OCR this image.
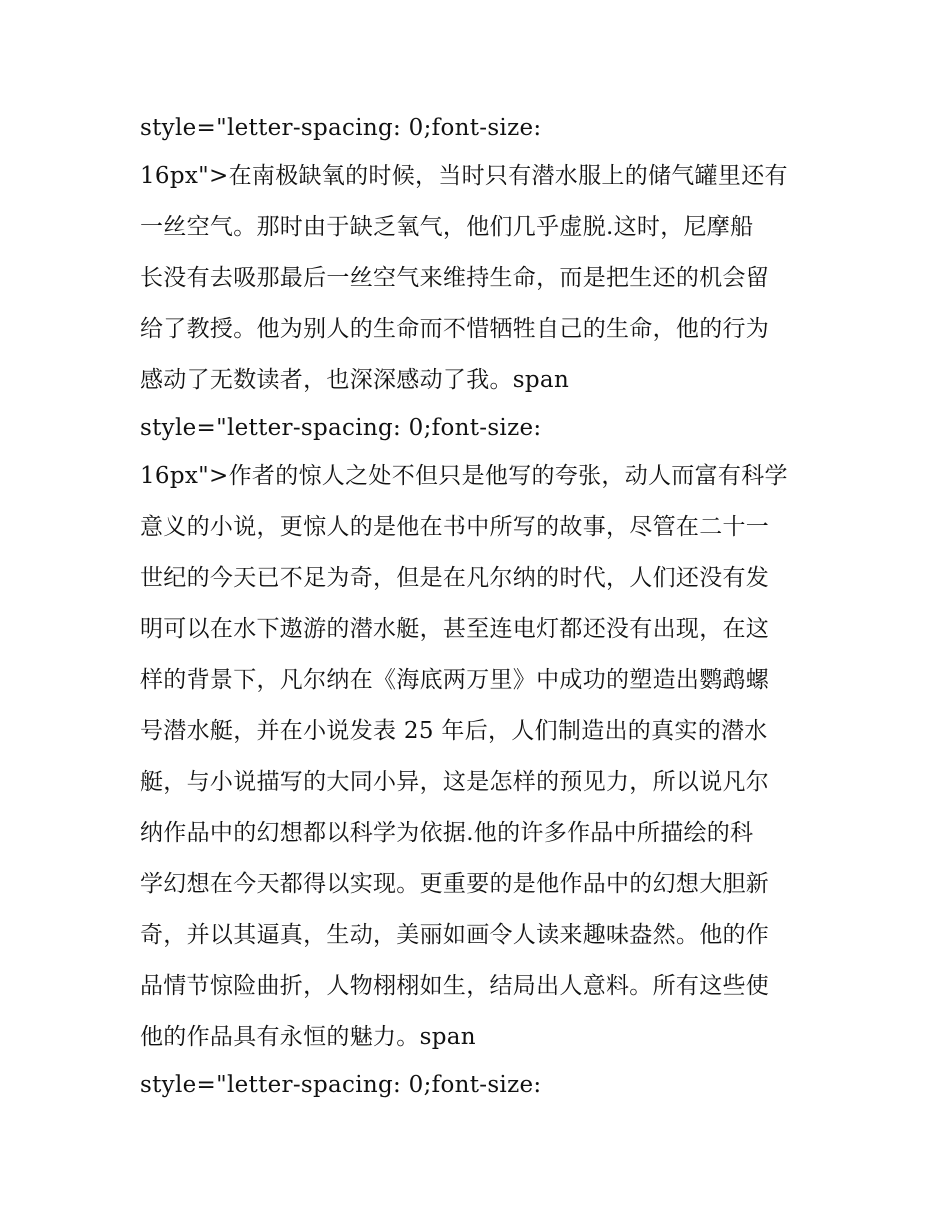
style="letter-spacing: 0;font-size:
16px">在南极缺氧的时候，当时只有潜水服上的储气罐里还有
一丝空气。那时由于缺乏氧气，他们几乎虚脱.这时，尼摩船
长没有去吸那最后一丝空气来维持生命，而是把生还的机会留
给了教授。他为别人的生命而不惜牺牲自己的生命，他的行为
感动了无数读者，也深深感动了我。span
style="letter-spacing: 0;font-size:
16px">作者的惊人之处不但只是他写的夸张，动人而富有科学
意义的小说，更惊人的是他在书中所写的故事，尽管在二十一
世纪的今天已不足为奇，但是在凡尔纳的时代，人们还没有发
明可以在水下遨游的潜水艇，甚至连电灯都还没有出现，在这
样的背景下，凡尔纳在《海底两万里》中成功的塑造出鹦鹉螺
号潜水艇，并在小说发表 25 年后，人们制造出的真实的潜水
艇，与小说描写的大同小异，这是怎样的预见力，所以说凡尔
纳作品中的幻想都以科学为依据.他的许多作品中所描绘的科
学幻想在今天都得以实现。更重要的是他作品中的幻想大胆新
奇，并以其逼真，生动，美丽如画令人读来趣味盎然。他的作
品情节惊险曲折，人物栩栩如生，结局出人意料。所有这些使
他的作品具有永恒的魅力。span
style="letter-spacing: 0;font-size:
